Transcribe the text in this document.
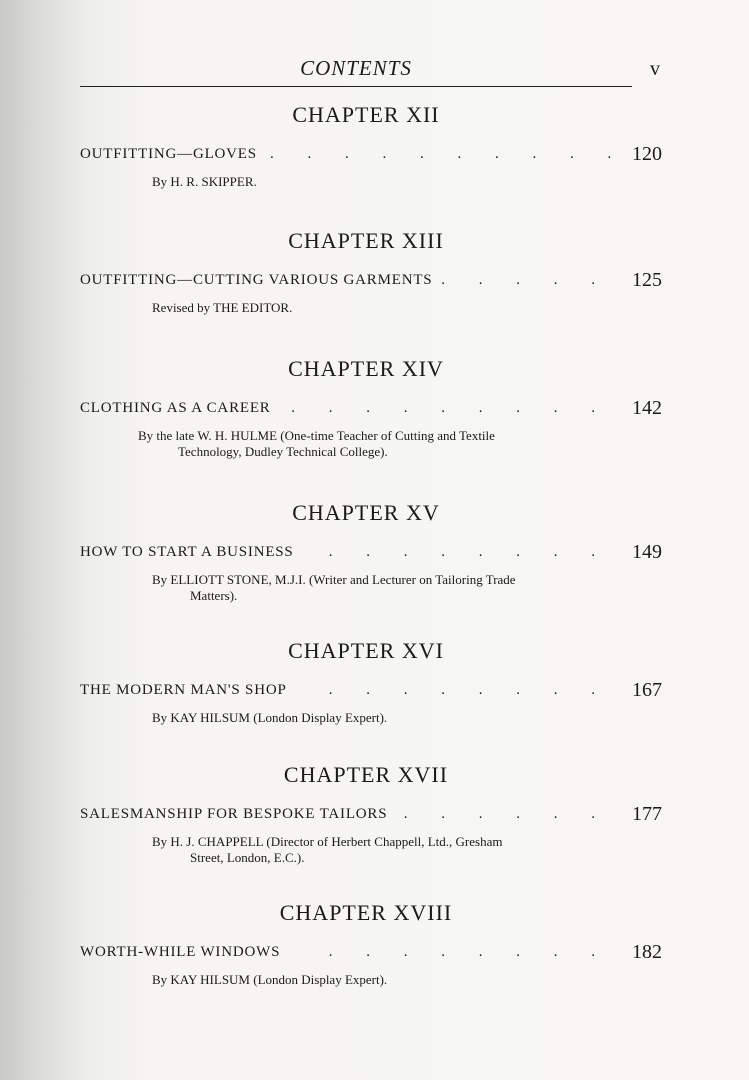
CONTENTS	v
CHAPTER XII
OUTFITTING—GLOVES . . . . . . . . . . 120
By H. R. SKIPPER.
CHAPTER XIII
OUTFITTING—CUTTING VARIOUS GARMENTS . . . . . 125
Revised by THE EDITOR.
CHAPTER XIV
CLOTHING AS A CAREER . . . . . . . . . 142
By the late W. H. HULME (One-time Teacher of Cutting and Textile
Technology, Dudley Technical College).
CHAPTER XV
HOW TO START A BUSINESS . . . . . . . . 149
By ELLIOTT STONE, M.J.I. (Writer and Lecturer on Tailoring Trade
Matters).
CHAPTER XVI
THE MODERN MAN'S SHOP	. . . . . . . . 167
By KAY HILSUM (London Display Expert).
CHAPTER XVII
SALESMANSHIP FOR BESPOKE TAILORS . . . . . . 177
By H. J. CHAPPELL (Director of Herbert Chappell, Ltd., Gresham
Street, London, E.C.).
CHAPTER XVIII
WORTH-WHILE WINDOWS	. . . . . . . . 182
By KAY HILSUM (London Display Expert).
